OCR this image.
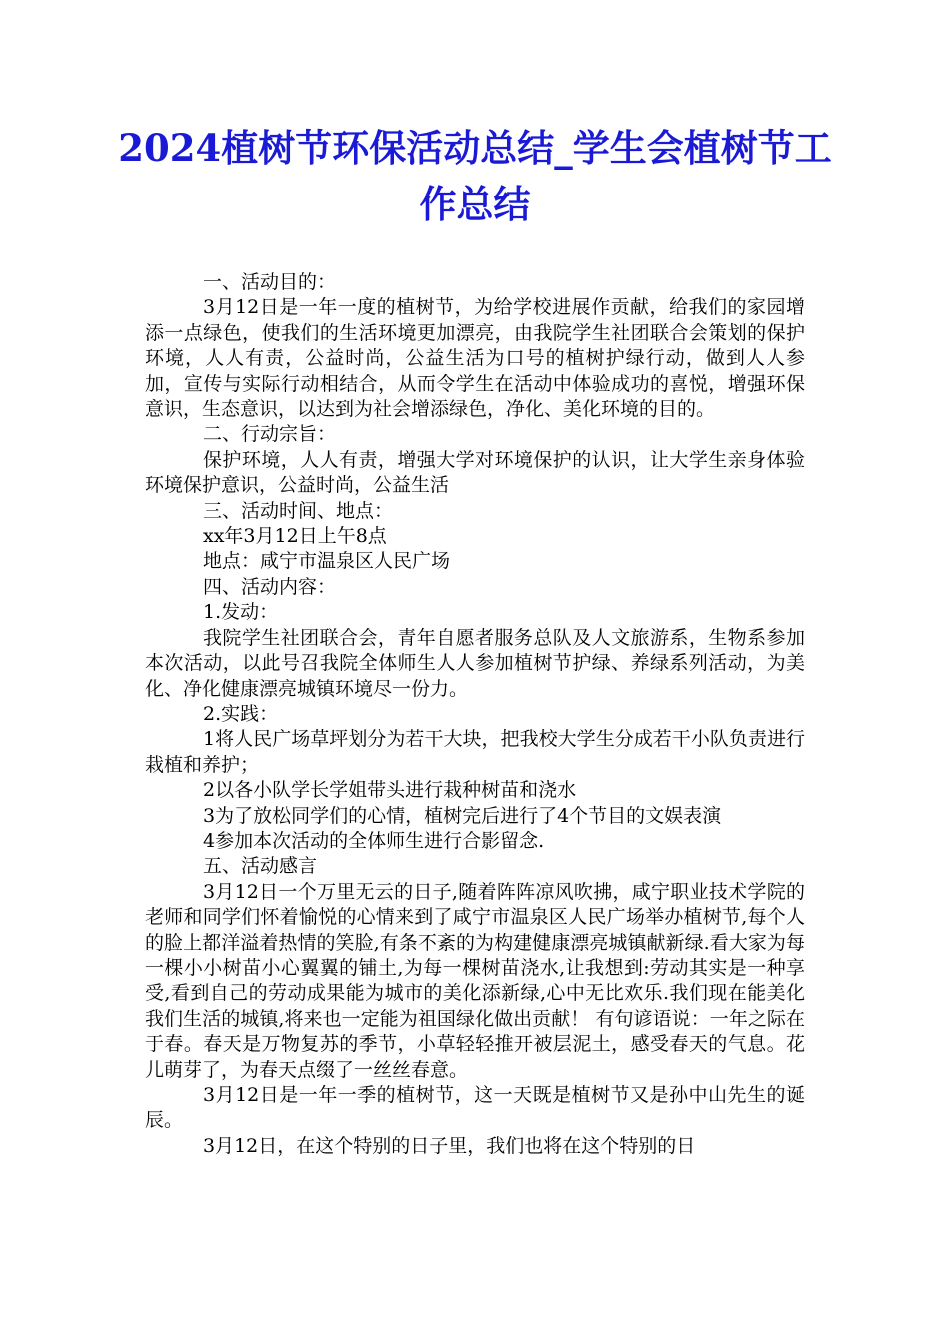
2024植树节环保活动总结_学生会植树节工作总结

一、活动目的：

3月12日是一年一度的植树节，为给学校进展作贡献，给我们的家园增添一点绿色，使我们的生活环境更加漂亮，由我院学生社团联合会策划的保护环境，人人有责，公益时尚，公益生活为口号的植树护绿行动，做到人人参加，宣传与实际行动相结合，从而令学生在活动中体验成功的喜悦，增强环保意识，生态意识，以达到为社会增添绿色，净化、美化环境的目的。

二、行动宗旨：

保护环境，人人有责，增强大学对环境保护的认识，让大学生亲身体验环境保护意识，公益时尚，公益生活

三、活动时间、地点：

xx年3月12日上午8点

地点：咸宁市温泉区人民广场

四、活动内容：

1.发动：

我院学生社团联合会，青年自愿者服务总队及人文旅游系，生物系参加本次活动，以此号召我院全体师生人人参加植树节护绿、养绿系列活动，为美化、净化健康漂亮城镇环境尽一份力。

2.实践：

1将人民广场草坪划分为若干大块，把我校大学生分成若干小队负责进行栽植和养护；

2以各小队学长学姐带头进行栽种树苗和浇水

3为了放松同学们的心情，植树完后进行了4个节目的文娱表演

4参加本次活动的全体师生进行合影留念.

五、活动感言

3月12日一个万里无云的日子,随着阵阵凉风吹拂，咸宁职业技术学院的老师和同学们怀着愉悦的心情来到了咸宁市温泉区人民广场举办植树节,每个人的脸上都洋溢着热情的笑脸,有条不紊的为构建健康漂亮城镇献新绿.看大家为每一棵小小树苗小心翼翼的铺土,为每一棵树苗浇水,让我想到:劳动其实是一种享受,看到自己的劳动成果能为城市的美化添新绿,心中无比欢乐.我们现在能美化我们生活的城镇,将来也一定能为祖国绿化做出贡献！ 有句谚语说：一年之际在于春。春天是万物复苏的季节，小草轻轻推开被层泥土，感受春天的气息。花儿萌芽了，为春天点缀了一丝丝春意。

3月12日是一年一季的植树节，这一天既是植树节又是孙中山先生的诞辰。

3月12日，在这个特别的日子里，我们也将在这个特别的日
